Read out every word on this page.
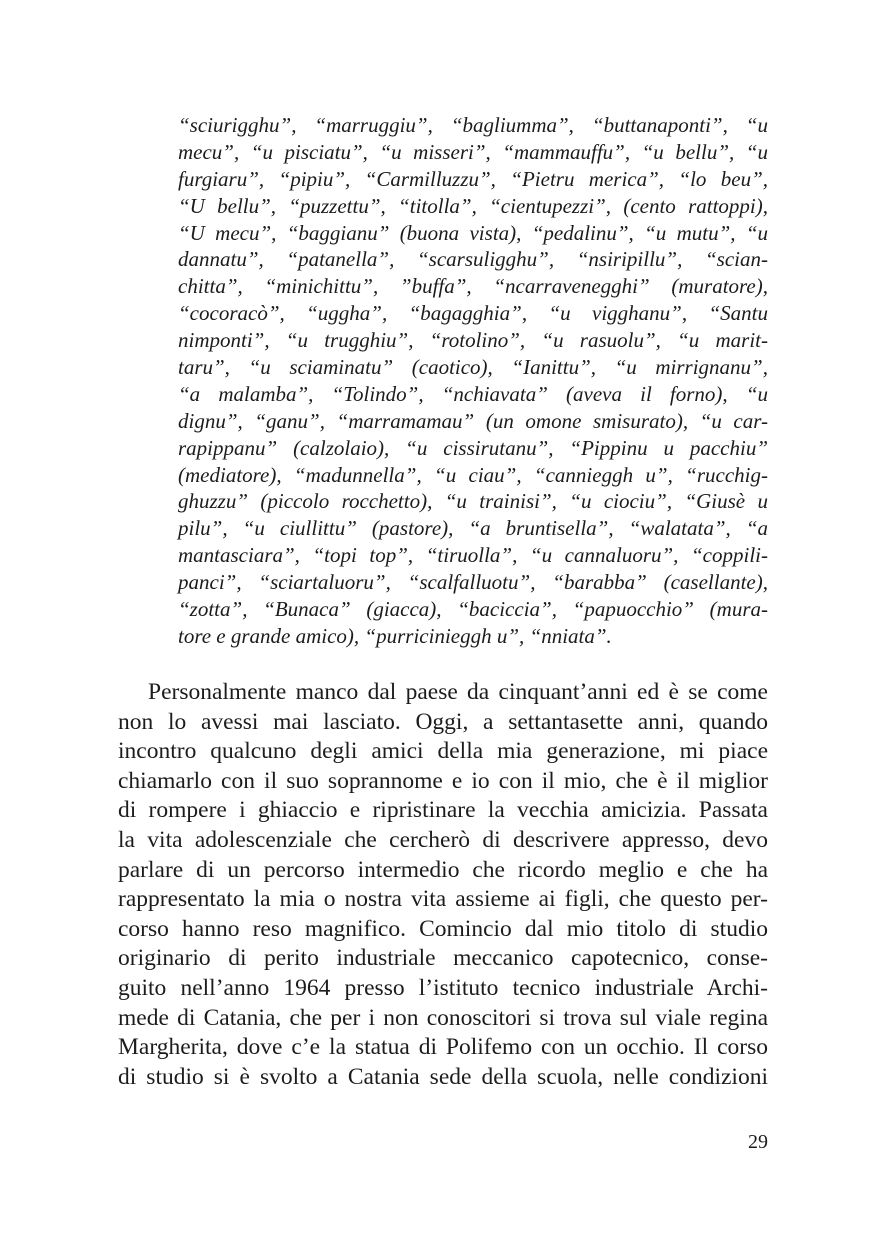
“sciurigghu”, “marruggiu”, “bagliumma”, “buttanaponti”, “u
mecu”, “u pisciatu”, “u misseri”, “mammauffu”, “u bellu”, “u
furgiaru”, “pipiu”, “Carmilluzzu”, “Pietru merica”, “lo beu”,
“U bellu”, “puzzettu”, “titolla”, “cientupezzi”, (cento rattoppi),
“U mecu”, “baggianu” (buona vista), “pedalinu”, “u mutu”, “u
dannatu”, “patanella”, “scarsuligghu”, “nsiripillu”, “scian-
chitta”, “minichittu”, ”buffa”, “ncarravenegghi” (muratore),
“cocoracò”, “uggha”, “bagagghia”, “u vigghanu”, “Santu
nimponti”, “u trugghiu”, “rotolino”, “u rasuolu”, “u marit-
taru”, “u sciaminatu” (caotico), “Ianittu”, “u mirrignanu”,
“a malamba”, “Tolindo”, “nchiavata” (aveva il forno), “u
dignu”, “ganu”, “marramamau” (un omone smisurato), “u car-
rapippanu” (calzolaio), “u cissirutanu”, “Pippinu u pacchiu”
(mediatore), “madunnella”, “u ciau”, “cannieggh u”, “rucchig-
ghuzzu” (piccolo rocchetto), “u trainisi”, “u ciociu”, “Giusè u
pilu”, “u ciullittu” (pastore), “a bruntisella”, “walatata”, “a
mantasciara”, “topi top”, “tiruolla”, “u cannaluoru”, “coppili-
panci”, “sciartaluoru”, “scalfalluotu”, “barabba” (casellante),
“zotta”, “Bunaca” (giacca), “baciccia”, “papuocchio” (mura-
tore e grande amico), “purricinieggh u”, “nniata”.
Personalmente manco dal paese da cinquant’anni ed è se come
non lo avessi mai lasciato. Oggi, a settantasette anni, quando
incontro qualcuno degli amici della mia generazione, mi piace
chiamarlo con il suo soprannome e io con il mio, che è il miglior
di rompere i ghiaccio e ripristinare la vecchia amicizia. Passata
la vita adolescenziale che cercherò di descrivere appresso, devo
parlare di un percorso intermedio che ricordo meglio e che ha
rappresentato la mia o nostra vita assieme ai figli, che questo per-
corso hanno reso magnifico. Comincio dal mio titolo di studio
originario di perito industriale meccanico capotecnico, conse-
guito nell’anno 1964 presso l’istituto tecnico industriale Archi-
mede di Catania, che per i non conoscitori si trova sul viale regina
Margherita, dove c’e la statua di Polifemo con un occhio. Il corso
di studio si è svolto a Catania sede della scuola, nelle condizioni
29
